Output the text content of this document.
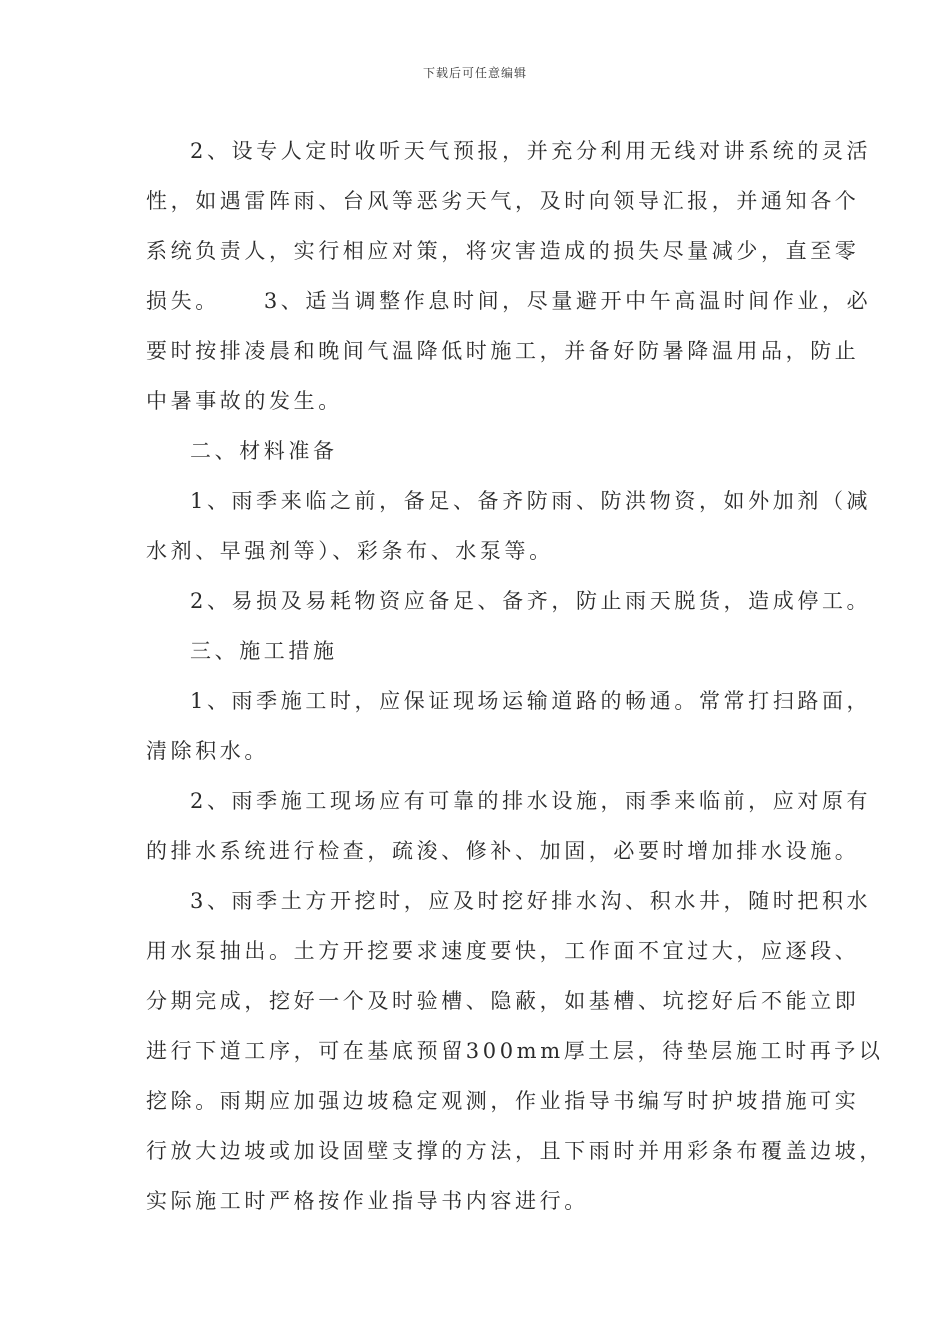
下载后可任意编辑
2、设专人定时收听天气预报，并充分利用无线对讲系统的灵活
性，如遇雷阵雨、台风等恶劣天气，及时向领导汇报，并通知各个
系统负责人，实行相应对策，将灾害造成的损失尽量减少，直至零
损失。 3、适当调整作息时间，尽量避开中午高温时间作业，必
要时按排凌晨和晚间气温降低时施工，并备好防暑降温用品，防止
中暑事故的发生。
二、材料准备
1、雨季来临之前，备足、备齐防雨、防洪物资，如外加剂（减
水剂、早强剂等）、彩条布、水泵等。
2、易损及易耗物资应备足、备齐，防止雨天脱货，造成停工。
三、施工措施
1、雨季施工时，应保证现场运输道路的畅通。常常打扫路面，
清除积水。
2、雨季施工现场应有可靠的排水设施，雨季来临前，应对原有
的排水系统进行检查，疏浚、修补、加固，必要时增加排水设施。
3、雨季土方开挖时，应及时挖好排水沟、积水井，随时把积水
用水泵抽出。土方开挖要求速度要快，工作面不宜过大，应逐段、
分期完成，挖好一个及时验槽、隐蔽，如基槽、坑挖好后不能立即
进行下道工序，可在基底预留300mm厚土层，待垫层施工时再予以
挖除。雨期应加强边坡稳定观测，作业指导书编写时护坡措施可实
行放大边坡或加设固壁支撑的方法，且下雨时并用彩条布覆盖边坡，
实际施工时严格按作业指导书内容进行。
